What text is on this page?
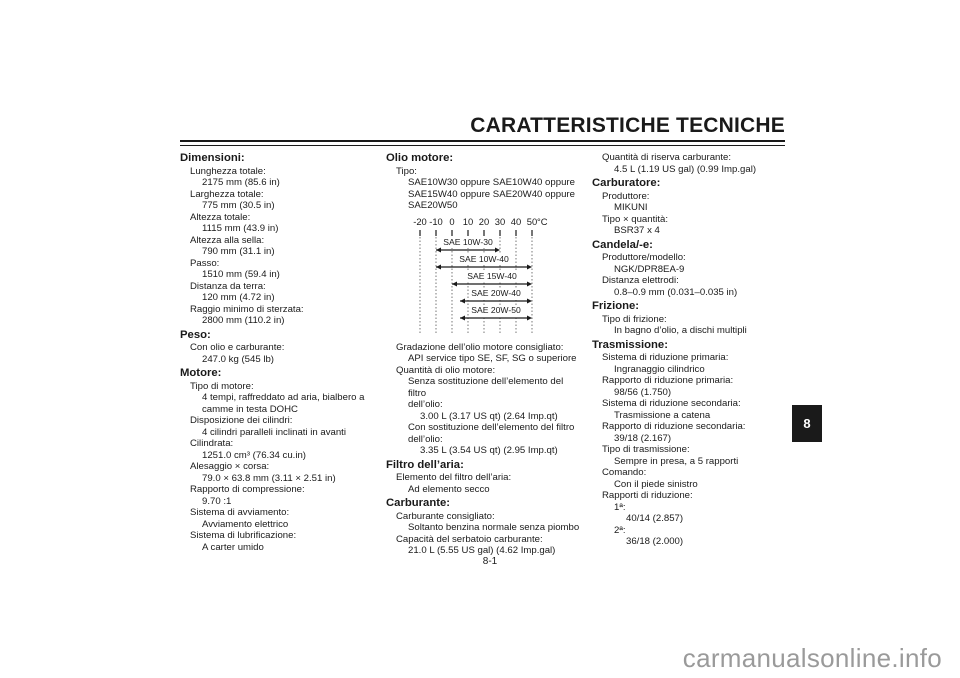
CARATTERISTICHE TECNICHE
Dimensioni:
Lunghezza totale:
2175 mm (85.6 in)
Larghezza totale:
775 mm (30.5 in)
Altezza totale:
1115 mm (43.9 in)
Altezza alla sella:
790 mm (31.1 in)
Passo:
1510 mm (59.4 in)
Distanza da terra:
120 mm (4.72 in)
Raggio minimo di sterzata:
2800 mm (110.2 in)
Peso:
Con olio e carburante:
247.0 kg (545 lb)
Motore:
Tipo di motore:
4 tempi, raffreddato ad aria, bialbero a
camme in testa DOHC
Disposizione dei cilindri:
4 cilindri paralleli inclinati in avanti
Cilindrata:
1251.0 cm³ (76.34 cu.in)
Alesaggio × corsa:
79.0 × 63.8 mm (3.11 × 2.51 in)
Rapporto di compressione:
9.70 :1
Sistema di avviamento:
Avviamento elettrico
Sistema di lubrificazione:
A carter umido
Olio motore:
Tipo:
SAE10W30 oppure SAE10W40 oppure
SAE15W40 oppure SAE20W40 oppure
SAE20W50
°C
-20 -10 0 10 20 30 40 50
SAE 10W-30
SAE 10W-40
SAE 15W-40
SAE 20W-40
SAE 20W-50
Gradazione dell’olio motore consigliato:
API service tipo SE, SF, SG o superiore
Quantità di olio motore:
Senza sostituzione dell’elemento del filtro
dell’olio:
3.00 L (3.17 US qt) (2.64 Imp.qt)
Con sostituzione dell’elemento del filtro
dell’olio:
3.35 L (3.54 US qt) (2.95 Imp.qt)
Filtro dell’aria:
Elemento del filtro dell’aria:
Ad elemento secco
Carburante:
Carburante consigliato:
Soltanto benzina normale senza piombo
Capacità del serbatoio carburante:
21.0 L (5.55 US gal) (4.62 Imp.gal)
Quantità di riserva carburante:
4.5 L (1.19 US gal) (0.99 Imp.gal)
Carburatore:
Produttore:
MIKUNI
Tipo × quantità:
BSR37 x 4
Candela/-e:
Produttore/modello:
NGK/DPR8EA-9
Distanza elettrodi:
0.8–0.9 mm (0.031–0.035 in)
Frizione:
Tipo di frizione:
In bagno d’olio, a dischi multipli
Trasmissione:
Sistema di riduzione primaria:
Ingranaggio cilindrico
Rapporto di riduzione primaria:
98/56 (1.750)
Sistema di riduzione secondaria:
Trasmissione a catena
Rapporto di riduzione secondaria:
39/18 (2.167)
Tipo di trasmissione:
Sempre in presa, a 5 rapporti
Comando:
Con il piede sinistro
Rapporti di riduzione:
1ª:
40/14 (2.857)
2ª:
36/18 (2.000)
8
8-1
carmanualsonline.info
